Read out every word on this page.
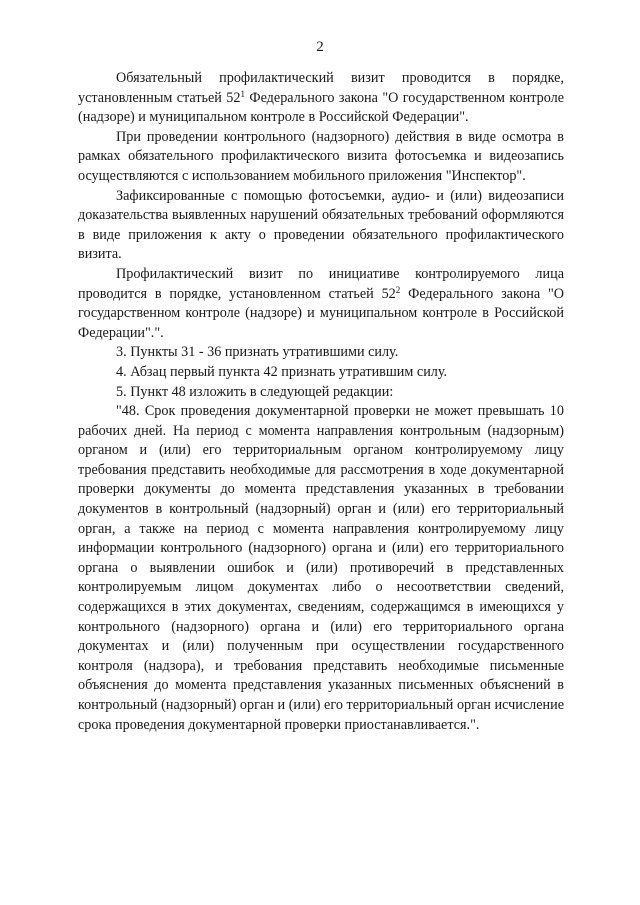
2

Обязательный профилактический визит проводится в порядке, установленным статьей $52^1$ Федерального закона "О государственном контроле (надзоре) и муниципальном контроле в Российской Федерации".

При проведении контрольного (надзорного) действия в виде осмотра в рамках обязательного профилактического визита фотосъемка и видеозапись осуществляются с использованием мобильного приложения "Инспектор".

Зафиксированные с помощью фотосъемки, аудио- и (или) видеозаписи доказательства выявленных нарушений обязательных требований оформляются в виде приложения к акту о проведении обязательного профилактического визита.

Профилактический визит по инициативе контролируемого лица проводится в порядке, установленном статьей $52^2$ Федерального закона "О государственном контроле (надзоре) и муниципальном контроле в Российской Федерации".".

3. Пункты 31 - 36 признать утратившими силу.

4. Абзац первый пункта 42 признать утратившим силу.

5. Пункт 48 изложить в следующей редакции:

"48. Срок проведения документарной проверки не может превышать 10 рабочих дней. На период с момента направления контрольным (надзорным) органом и (или) его территориальным органом контролируемому лицу требования представить необходимые для рассмотрения в ходе документарной проверки документы до момента представления указанных в требовании документов в контрольный (надзорный) орган и (или) его территориальный орган, а также на период с момента направления контролируемому лицу информации контрольного (надзорного) органа и (или) его территориального органа о выявлении ошибок и (или) противоречий в представленных контролируемым лицом документах либо о несоответствии сведений, содержащихся в этих документах, сведениям, содержащимся в имеющихся у контрольного (надзорного) органа и (или) его территориального органа документах и (или) полученным при осуществлении государственного контроля (надзора), и требования представить необходимые письменные объяснения до момента представления указанных письменных объяснений в контрольный (надзорный) орган и (или) его территориальный орган исчисление срока проведения документарной проверки приостанавливается.".
